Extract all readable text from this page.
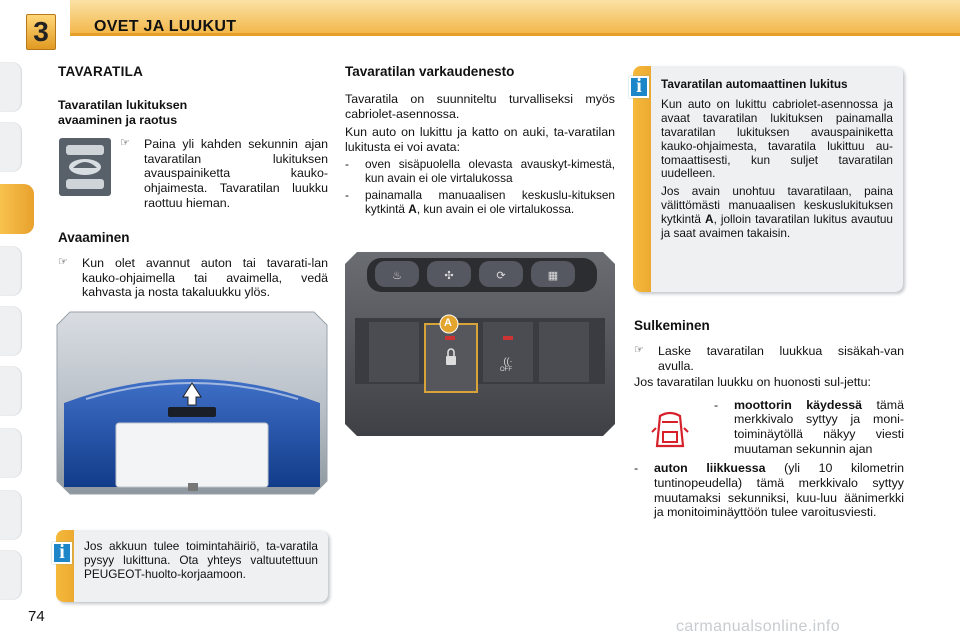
3	OVET JA LUUKUT
TAVARATILA
Tavaratilan lukituksen
avaaminen ja raotus
☞	Paina yli kahden sekunnin ajan tavaratilan lukituksen avauspainiketta kauko-ohjaimesta. Tavaratilan luukku raottuu hieman.
Avaaminen
☞	Kun olet avannut auton tai tavarati-lan kauko-ohjaimella tai avaimella, vedä kahvasta ja nosta takaluukku ylös.

Jos akkuun tulee toimintahäiriö, ta-varatila pysyy lukittuna. Ota yhteys valtuutettuun PEUGEOT-huolto-korjaamoon.

i
Tavaratilan varkaudenesto

Tavaratila on suunniteltu turvalliseksi myös cabriolet-asennossa.

Kun auto on lukittu ja katto on auki, ta-varatilan lukitusta ei voi avata:

-	oven sisäpuolella olevasta avauskyt-kimestä, kun avain ei ole virtalukossa
-	painamalla manuaalisen keskuslu-kituksen kytkintä A, kun avain ei ole virtalukossa.
♨	✣	⟳	▦
((·
A
OFF
Tavaratilan automaattinen lukitus

Kun auto on lukittu cabriolet-asennossa ja avaat tavaratilan lukituksen painamalla tavaratilan lukituksen avauspainiketta kauko-ohjaimesta, tavaratila lukittuu au-tomaattisesti, kun suljet tavaratilan uudelleen.

Jos avain unohtuu tavaratilaan, paina välittömästi manuaalisen keskuslukituksen kytkintä A, jolloin tavaratilan lukitus avautuu ja saat avaimen takaisin.

i
Sulkeminen
☞	Laske tavaratilan luukkua sisäkah-van avulla.

Jos tavaratilan luukku on huonosti sul-jettu:

-	moottorin käydessä tämä merkkivalo syttyy ja moni-toiminäytöllä näkyy viesti muutaman sekunnin ajan
-	auton liikkuessa (yli 10 kilometrin tuntinopeudella) tämä merkkivalo syttyy muutamaksi sekunniksi, kuu-luu äänimerkki ja monitoiminäyttöön tulee varoitusviesti.
74
carmanualsonline.info
